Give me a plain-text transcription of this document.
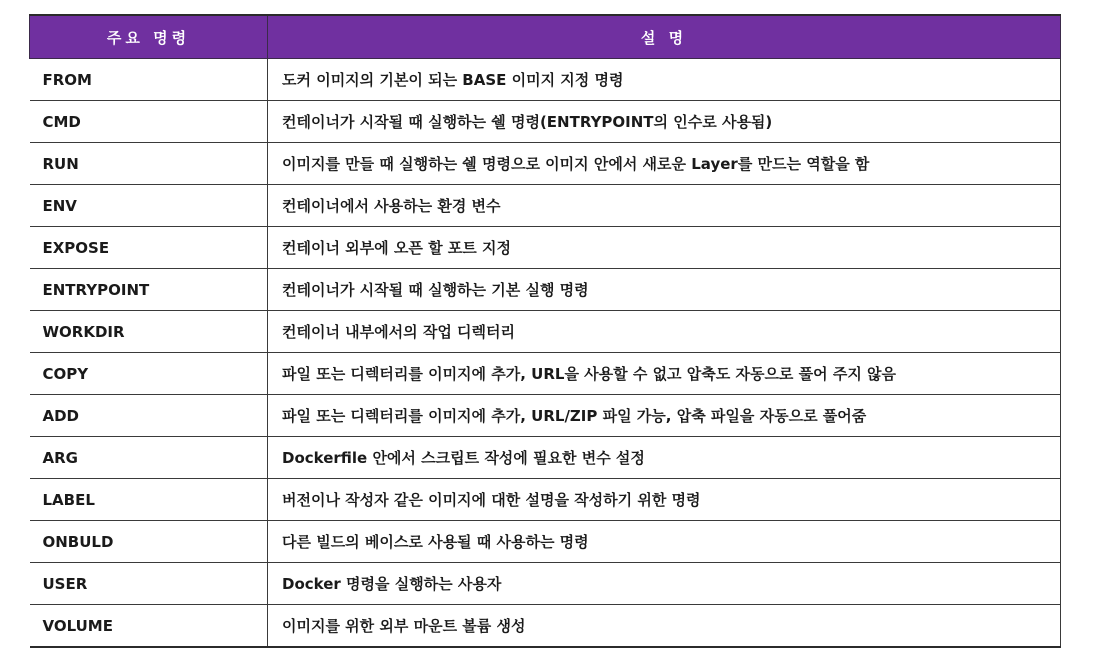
주요 명령	설 명
FROM	도커 이미지의 기본이 되는 BASE 이미지 지정 명령
CMD	컨테이너가 시작될 때 실행하는 쉘 명령(ENTRYPOINT의 인수로 사용됨)
RUN	이미지를 만들 때 실행하는 쉘 명령으로 이미지 안에서 새로운 Layer를 만드는 역할을 함
ENV	컨테이너에서 사용하는 환경 변수
EXPOSE	컨테이너 외부에 오픈 할 포트 지정
ENTRYPOINT	컨테이너가 시작될 때 실행하는 기본 실행 명령
WORKDIR	컨테이너 내부에서의 작업 디렉터리
COPY	파일 또는 디렉터리를 이미지에 추가, URL을 사용할 수 없고 압축도 자동으로 풀어 주지 않음
ADD	파일 또는 디렉터리를 이미지에 추가, URL/ZIP 파일 가능, 압축 파일을 자동으로 풀어줌
ARG	Dockerfile 안에서 스크립트 작성에 필요한 변수 설정
LABEL	버전이나 작성자 같은 이미지에 대한 설명을 작성하기 위한 명령
ONBULD	다른 빌드의 베이스로 사용될 때 사용하는 명령
USER	Docker 명령을 실행하는 사용자
VOLUME	이미지를 위한 외부 마운트 볼륨 생성
